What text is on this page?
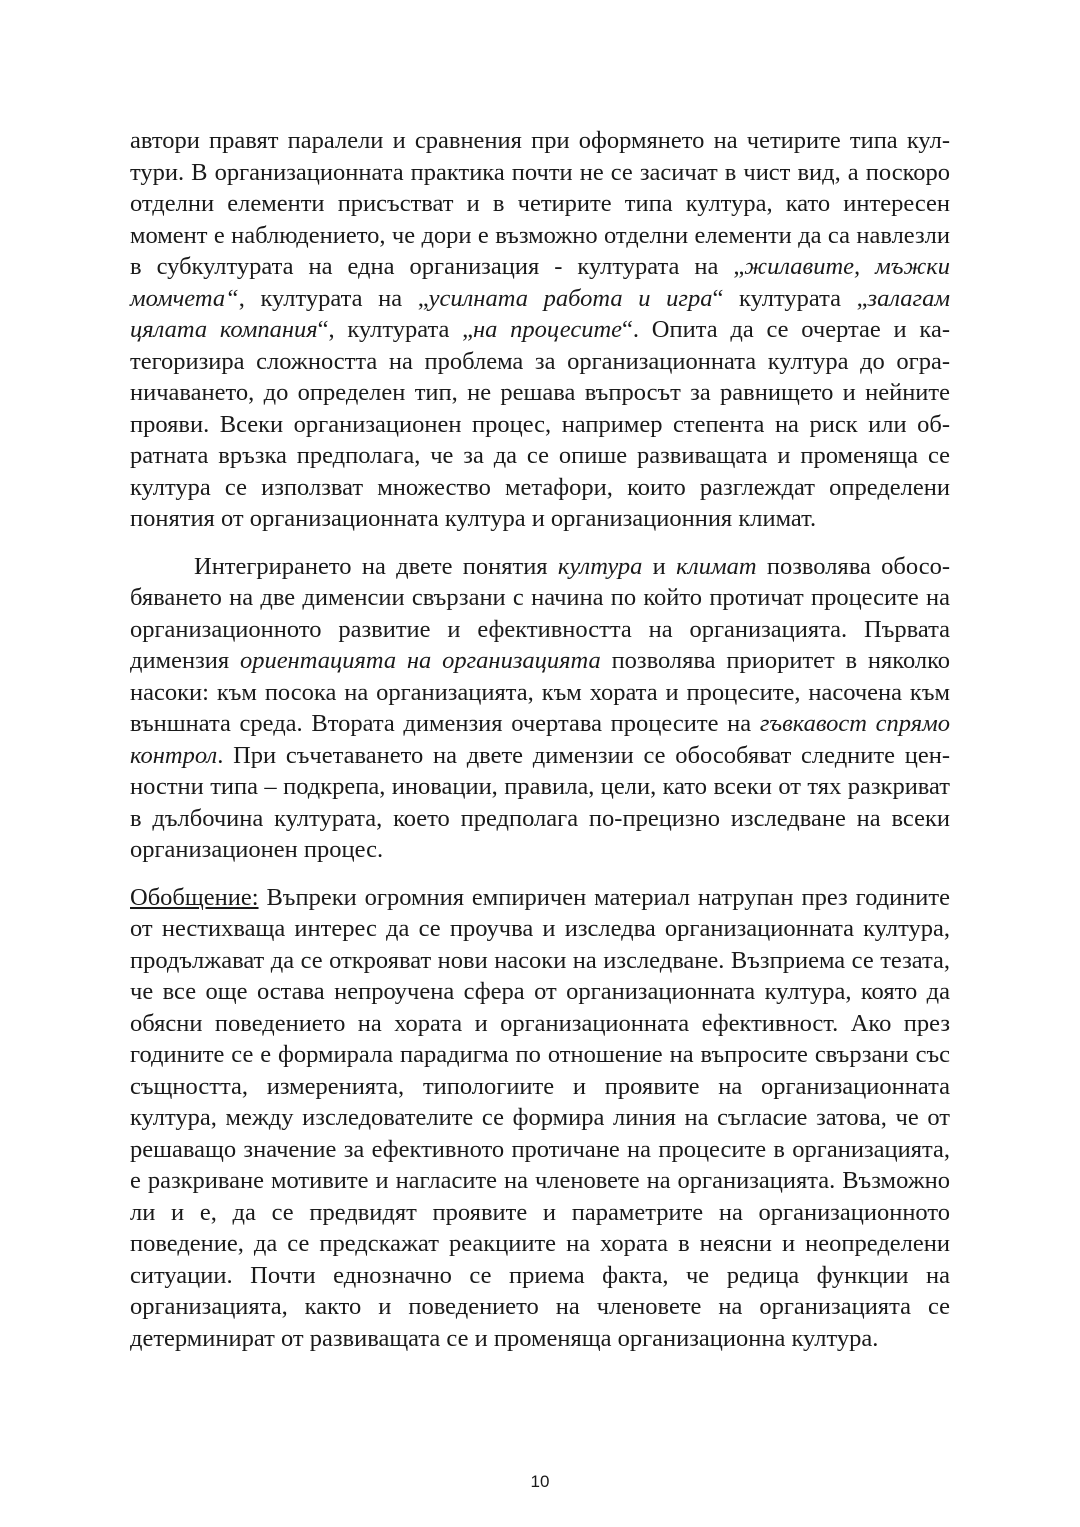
автори правят паралели и сравнения при оформянето на четирите типа култури. В организационната практика почти не се засичат в чист вид, а поскоро отделни елементи присъстват и в четирите типа култура, като интересен момент е наблюдението, че дори е възможно отделни елементи да са навлезли в субкултурата на една организация - културата на „жилавите, мъжки момчета“, културата на „усилната работа и игра“ културата „залагам цялата компания“, културата „на процесите“. Опита да се очертае и категоризира сложността на проблема за организационната култура до ограничаването, до определен тип, не решава въпросът за равнището и нейните прояви. Всеки организационен процес, например степента на риск или обратната връзка предполага, че за да се опише развиващата и променяща се култура се използват множество метафори, които разглеждат определени понятия от организационната култура и организационния климат.

Интегрирането на двете понятия култура и климат позволява обособяването на две дименсии свързани с начина по който протичат процесите на организационното развитие и ефективността на организацията. Първата димензия ориентацията на организацията позволява приоритет в няколко насоки: към посока на организацията, към хората и процесите, насочена към външната среда. Втората димензия очертава процесите на гъвкавост спрямо контрол. При съчетаването на двете димензии се обособяват следните ценностни типа – подкрепа, иновации, правила, цели, като всеки от тях разкриват в дълбочина културата, което предполага по-прецизно изследване на всеки организационен процес.

Обобщение: Въпреки огромния емпиричен материал натрупан през годините от нестихваща интерес да се проучва и изследва организационната култура, продължават да се открояват нови насоки на изследване. Възприема се тезата, че все още остава непроучена сфера от организационната култура, която да обясни поведението на хората и организационната ефективност. Ако през годините се е формирала парадигма по отношение на въпросите свързани със същността, измеренията, типологиите и проявите на организационната култура, между изследователите се формира линия на съгласие затова, че от решаващо значение за ефективното протичане на процесите в организацията, е разкриване мотивите и нагласите на членовете на организацията. Възможно ли и е, да се предвидят проявите и параметрите на организационното поведение, да се предскажат реакциите на хората в неясни и неопределени ситуации. Почти еднозначно се приема факта, че редица функции на организацията, както и поведението на членовете на организацията се детерминират от развиващата се и променяща организационна култура.

10
